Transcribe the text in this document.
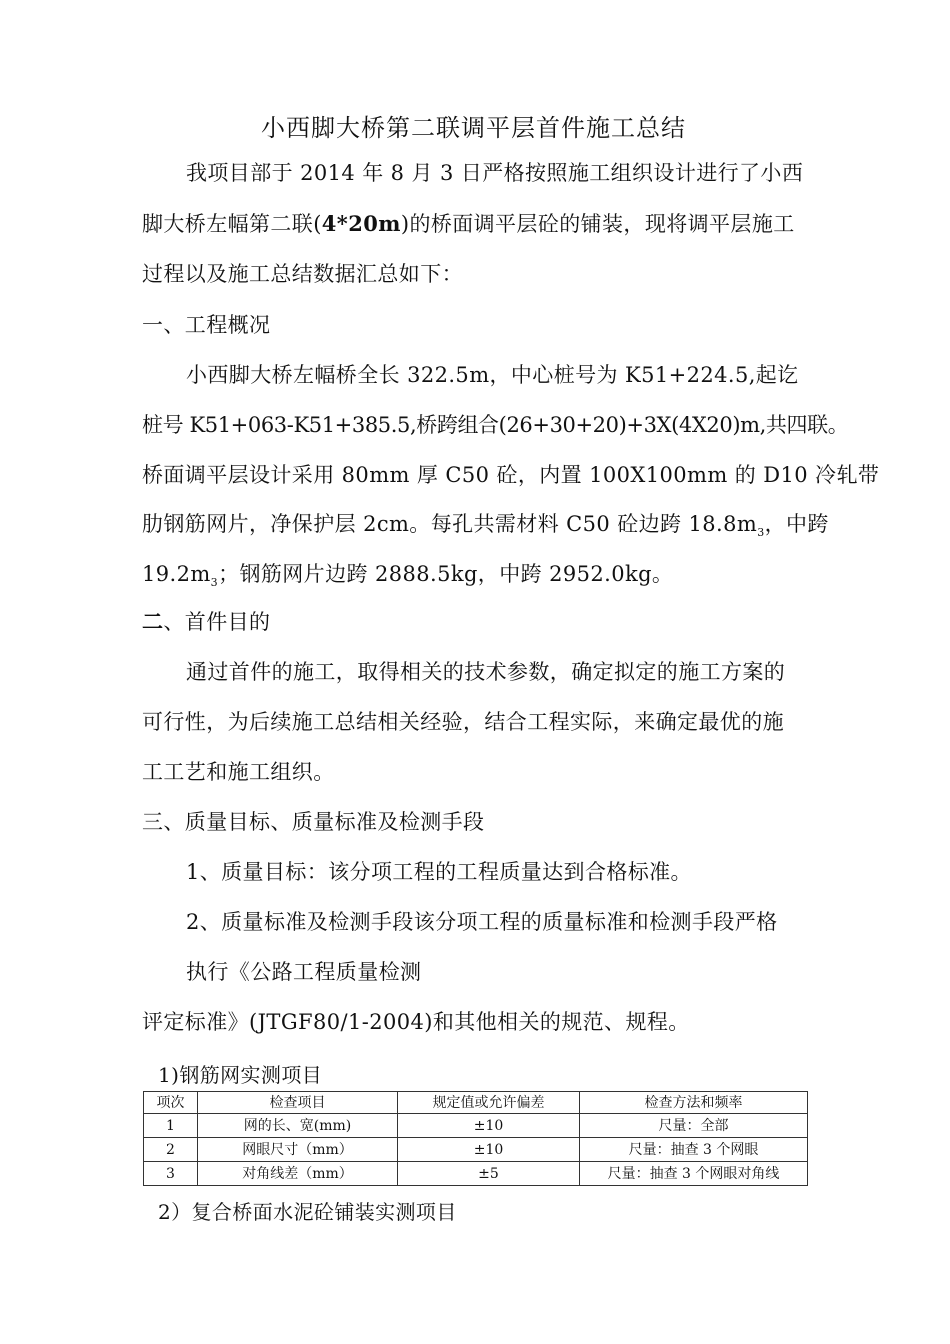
小西脚大桥第二联调平层首件施工总结
我项目部于 2014 年 8 月 3 日严格按照施工组织设计进行了小西
脚大桥左幅第二联(4*20m)的桥面调平层砼的铺装，现将调平层施工
过程以及施工总结数据汇总如下：
一、工程概况
小西脚大桥左幅桥全长 322.5m，中心桩号为 K51+224.5,起讫
桩号 K51+063-K51+385.5,桥跨组合(26+30+20)+3X(4X20)m,共四联。
桥面调平层设计采用 80mm 厚 C50 砼，内置 100X100mm 的 D10 冷轧带
肋钢筋网片，净保护层 2cm。每孔共需材料 C50 砼边跨 $18.8m_3$，中跨
$19.2m_3$；钢筋网片边跨 2888.5kg，中跨 2952.0kg。
二、首件目的
通过首件的施工，取得相关的技术参数，确定拟定的施工方案的
可行性，为后续施工总结相关经验，结合工程实际，来确定最优的施
工工艺和施工组织。
三、质量目标、质量标准及检测手段
1、质量目标：该分项工程的工程质量达到合格标准。
2、质量标准及检测手段该分项工程的质量标准和检测手段严格
执行《公路工程质量检测
评定标准》(JTGF80/1-2004)和其他相关的规范、规程。
1)钢筋网实测项目
项次	检查项目	规定值或允许偏差	检查方法和频率
1	网的长、宽(mm)	±10	尺量：全部
2	网眼尺寸（mm）	±10	尺量：抽查 3 个网眼
3	对角线差（mm）	±5	尺量：抽查 3 个网眼对角线
2）复合桥面水泥砼铺装实测项目
